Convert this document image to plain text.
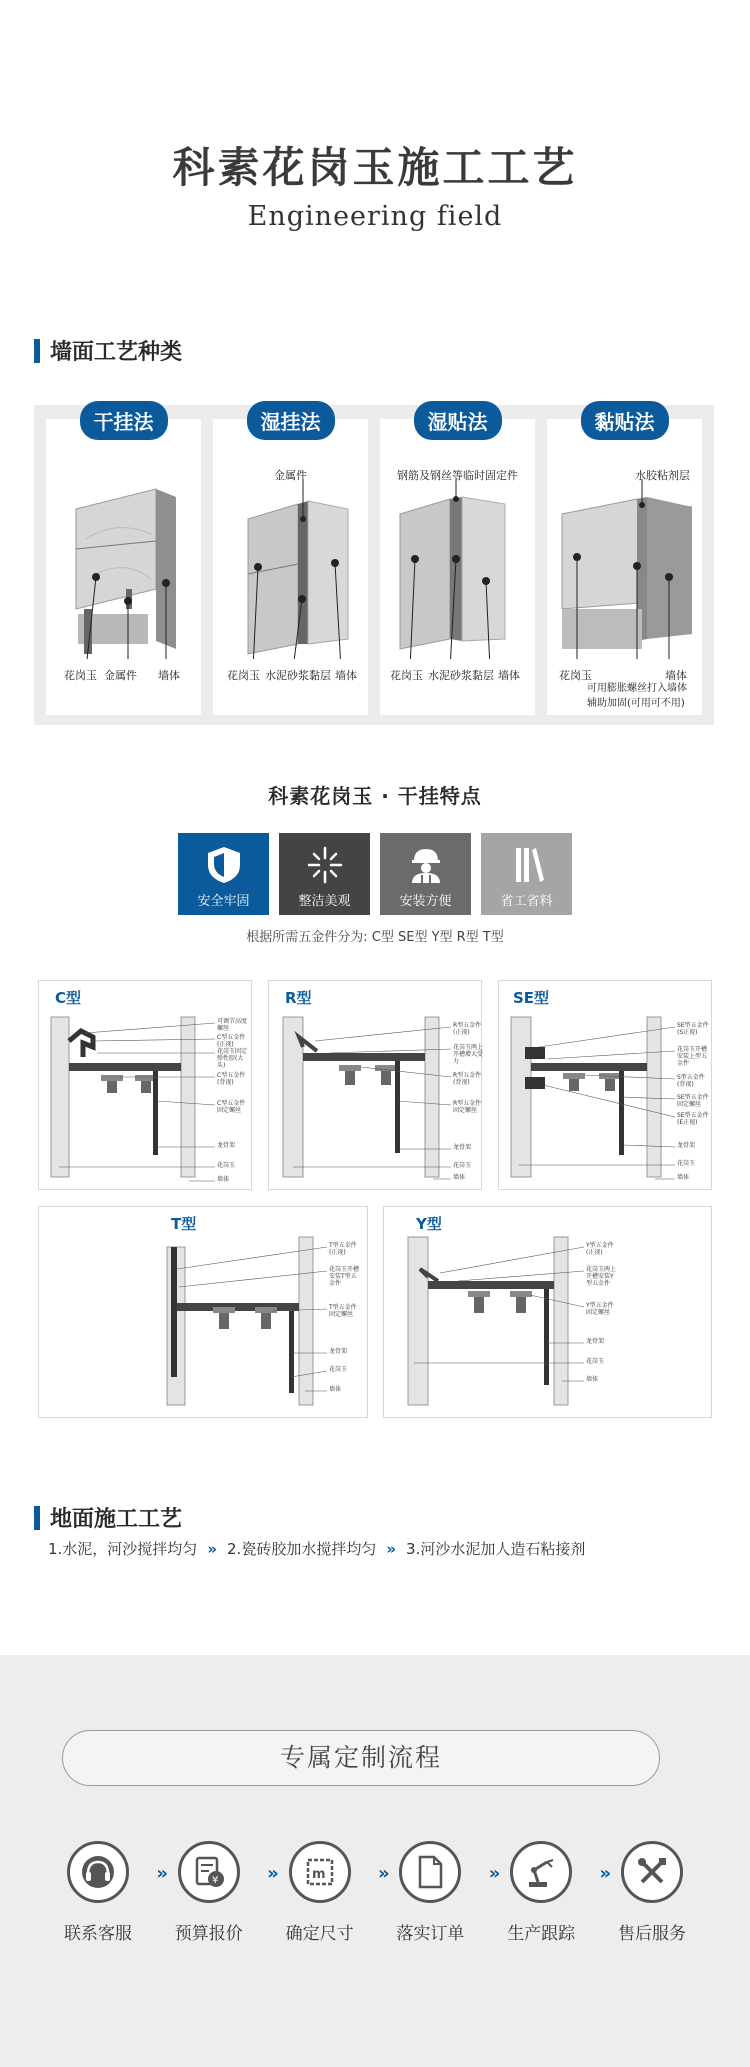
科素花岗玉施工工艺
Engineering field
墙面工艺种类
干挂法
花岗玉 金属件 墙体
湿挂法
金属件
花岗玉 水泥砂浆黏层 墙体
湿贴法
钢筋及钢丝等临时固定件
花岗玉 水泥砂浆黏层 墙体
黏贴法
水胶粘剂层
花岗玉	墙体
可用膨胀螺丝打入墙体
辅助加固(可用可不用)
科素花岗玉 · 干挂特点
安全牢固	整洁美观	安装方便	省工省料
根据所需五金件分为: C型 SE型 Y型 R型 T型
C型
可调节高度螺丝
C型五金件(正视)
花岗玉固定弹性胶(大头)
C型五金件(背视)
C型五金件固定螺丝
龙骨架
花岗玉
墙体
R型
R型五金件(正视)
花岗玉两上开槽增大受力
R型五金件(背视)
R型五金件固定螺丝
龙骨架
花岗玉
墙体
SE型
SE型五金件(S正视)
花岗玉开槽安装上型五金件
S型五金件(背视)
SE型五金件固定螺丝
SE型五金件(E正视)
龙骨架
花岗玉
墙体
T型
T型五金件(正视)
花岗玉开槽安装T型五金件
T型五金件固定螺丝
龙骨架
花岗玉
墙体
Y型
Y型五金件(正视)
花岗玉两上开槽安装Y型五金件
Y型五金件固定螺丝
龙骨架
花岗玉
墙体
地面施工工艺
1.水泥，河沙搅拌均匀 » 2.瓷砖胶加水搅拌均匀 » 3.河沙水泥加人造石粘接剂
专属定制流程
联系客服
»	¥
预算报价
»	m
确定尺寸
»
落实订单
»
生产跟踪
»
售后服务
